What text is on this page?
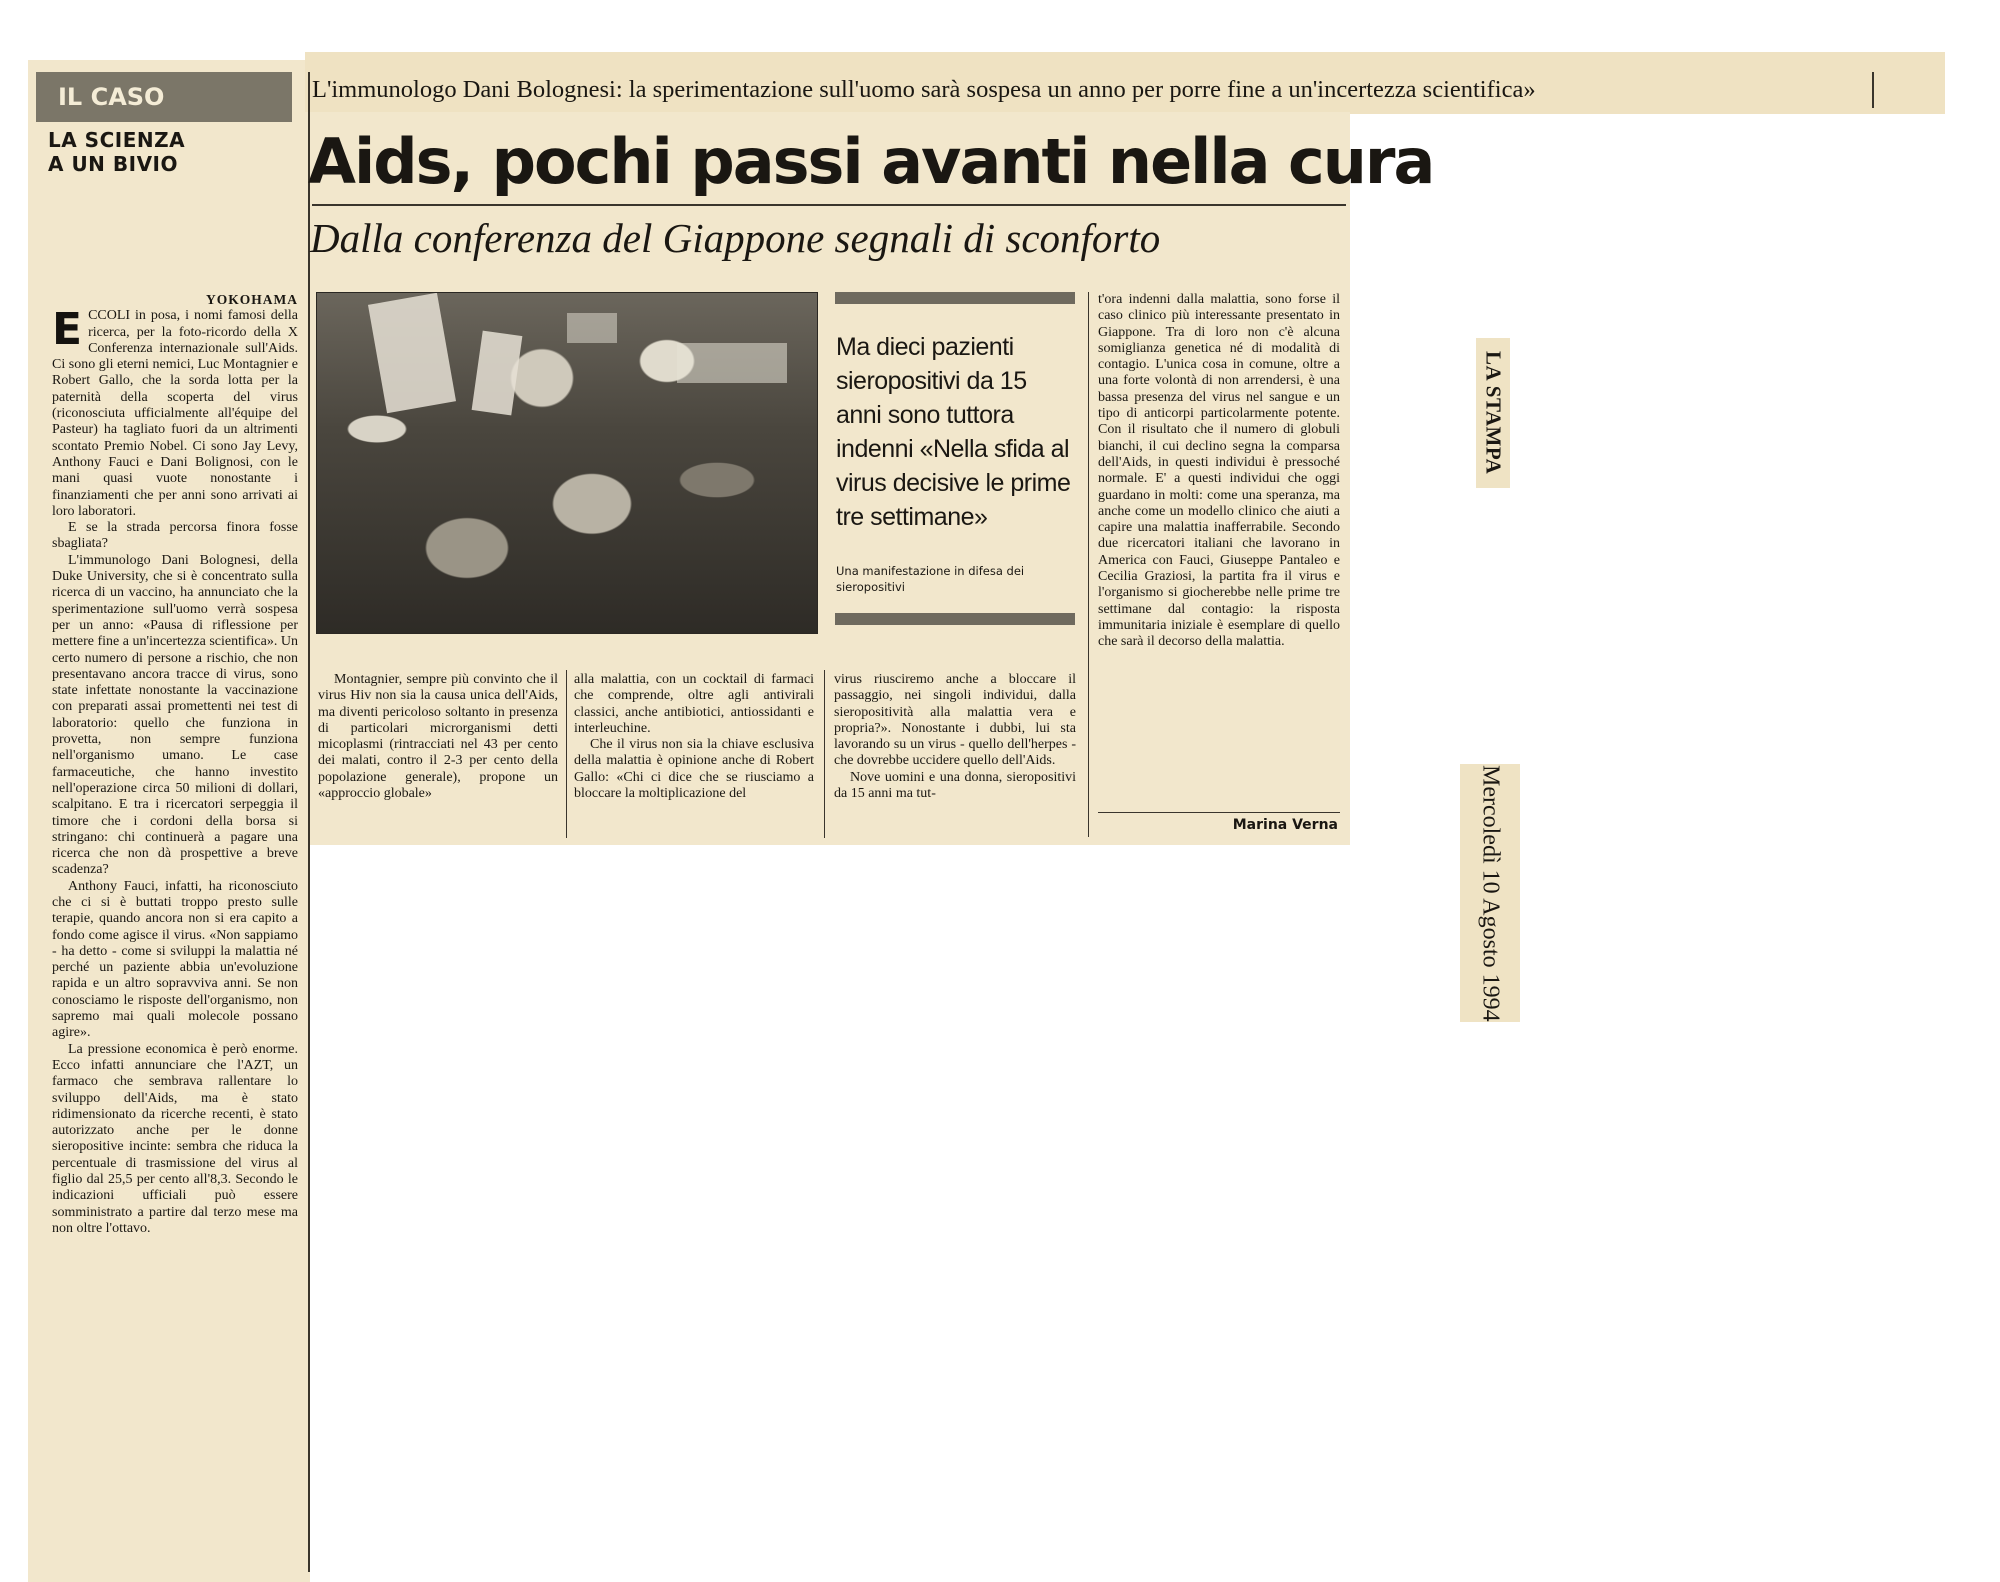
IL CASO
LA SCIENZA
A UN BIVIO
L'immunologo Dani Bolognesi: la sperimentazione sull'uomo sarà sospesa un anno per porre fine a un'incertezza scientifica»
Aids, pochi passi avanti nella cura
Dalla conferenza del Giappone segnali di sconforto
Ma dieci pazienti sieropositivi da 15 anni sono tuttora indenni «Nella sfida al virus decisive le prime tre settimane»
Una manifestazione in difesa dei sieropositivi
YOKOHAMA

ECCOLI in posa, i nomi famosi della ricerca, per la foto-ricordo della X Conferenza internazionale sull'Aids. Ci sono gli eterni nemici, Luc Montagnier e Robert Gallo, che la sorda lotta per la paternità della scoperta del virus (riconosciuta ufficialmente all'équipe del Pasteur) ha tagliato fuori da un altrimenti scontato Premio Nobel. Ci sono Jay Levy, Anthony Fauci e Dani Bolignosi, con le mani quasi vuote nonostante i finanziamenti che per anni sono arrivati ai loro laboratori.

E se la strada percorsa finora fosse sbagliata?

L'immunologo Dani Bolognesi, della Duke University, che si è concentrato sulla ricerca di un vaccino, ha annunciato che la sperimentazione sull'uomo verrà sospesa per un anno: «Pausa di riflessione per mettere fine a un'incertezza scientifica». Un certo numero di persone a rischio, che non presentavano ancora tracce di virus, sono state infettate nonostante la vaccinazione con preparati assai promettenti nei test di laboratorio: quello che funziona in provetta, non sempre funziona nell'organismo umano. Le case farmaceutiche, che hanno investito nell'operazione circa 50 milioni di dollari, scalpitano. E tra i ricercatori serpeggia il timore che i cordoni della borsa si stringano: chi continuerà a pagare una ricerca che non dà prospettive a breve scadenza?

Anthony Fauci, infatti, ha riconosciuto che ci si è buttati troppo presto sulle terapie, quando ancora non si era capito a fondo come agisce il virus. «Non sappiamo - ha detto - come si sviluppi la malattia né perché un paziente abbia un'evoluzione rapida e un altro sopravviva anni. Se non conosciamo le risposte dell'organismo, non sapremo mai quali molecole possano agire».

La pressione economica è però enorme. Ecco infatti annunciare che l'AZT, un farmaco che sembrava rallentare lo sviluppo dell'Aids, ma è stato ridimensionato da ricerche recenti, è stato autorizzato anche per le donne sieropositive incinte: sembra che riduca la percentuale di trasmissione del virus al figlio dal 25,5 per cento all'8,3. Secondo le indicazioni ufficiali può essere somministrato a partire dal terzo mese ma non oltre l'ottavo.

Montagnier, sempre più convinto che il virus Hiv non sia la causa unica dell'Aids, ma diventi pericoloso soltanto in presenza di particolari microrganismi detti micoplasmi (rintracciati nel 43 per cento dei malati, contro il 2-3 per cento della popolazione generale), propone un «approccio globale»

alla malattia, con un cocktail di farmaci che comprende, oltre agli antivirali classici, anche antibiotici, antiossidanti e interleuchine.

Che il virus non sia la chiave esclusiva della malattia è opinione anche di Robert Gallo: «Chi ci dice che se riusciamo a bloccare la moltiplicazione del

virus riusciremo anche a bloccare il passaggio, nei singoli individui, dalla sieropositività alla malattia vera e propria?». Nonostante i dubbi, lui sta lavorando su un virus - quello dell'herpes - che dovrebbe uccidere quello dell'Aids.

Nove uomini e una donna, sieropositivi da 15 anni ma tut-

t'ora indenni dalla malattia, sono forse il caso clinico più interessante presentato in Giappone. Tra di loro non c'è alcuna somiglianza genetica né di modalità di contagio. L'unica cosa in comune, oltre a una forte volontà di non arrendersi, è una bassa presenza del virus nel sangue e un tipo di anticorpi particolarmente potente. Con il risultato che il numero di globuli bianchi, il cui declino segna la comparsa dell'Aids, in questi individui è pressoché normale. E' a questi individui che oggi guardano in molti: come una speranza, ma anche come un modello clinico che aiuti a capire una malattia inafferrabile. Secondo due ricercatori italiani che lavorano in America con Fauci, Giuseppe Pantaleo e Cecilia Graziosi, la partita fra il virus e l'organismo si giocherebbe nelle prime tre settimane dal contagio: la risposta immunitaria iniziale è esemplare di quello che sarà il decorso della malattia.

Marina Verna
LA STAMPA
Mercoledì 10 Agosto 1994
